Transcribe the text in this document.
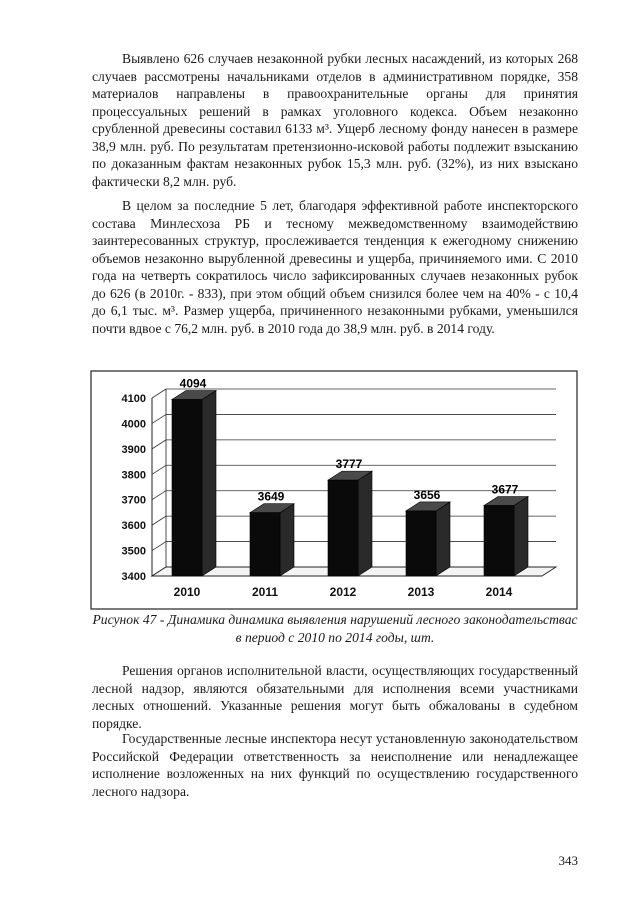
Выявлено 626 случаев незаконной рубки лесных насаждений, из которых 268 случаев рассмотрены начальниками отделов в административном порядке, 358 материалов направлены в правоохранительные органы для принятия процессуальных решений в рамках уголовного кодекса. Объем незаконно срубленной древесины составил 6133 м³. Ущерб лесному фонду нанесен в размере 38,9 млн. руб. По результатам претензионно-исковой работы подлежит взысканию по доказанным фактам незаконных рубок 15,3 млн. руб. (32%), из них взыскано фактически 8,2 млн. руб.

В целом за последние 5 лет, благодаря эффективной работе инспекторского состава Минлесхоза РБ и тесному межведомственному взаимодействию заинтересованных структур, прослеживается тенденция к ежегодному снижению объемов незаконно вырубленной древесины и ущерба, причиняемого ими. С 2010 года на четверть сократилось число зафиксированных случаев незаконных рубок до 626 (в 2010г. - 833), при этом общий объем снизился более чем на 40% - с 10,4 до 6,1 тыс. м³. Размер ущерба, причиненного незаконными рубками, уменьшился почти вдвое с 76,2 млн. руб. в 2010 года до 38,9 млн. руб. в 2014 году.

3400
3500
3600
3700
3800
3900
4000
4100
4094
2010
3649
2011
3777
2012
3656
2013
3677
2014
Рисунок 47 - Динамика динамика выявления нарушений лесного законодательствас в период с 2010 по 2014 годы, шт.

Решения органов исполнительной власти, осуществляющих государственный лесной надзор, являются обязательными для исполнения всеми участниками лесных отношений. Указанные решения могут быть обжалованы в судебном порядке.

Государственные лесные инспектора несут установленную законодательством Российской Федерации ответственность за неисполнение или ненадлежащее исполнение возложенных на них функций по осуществлению государственного лесного надзора.

343
